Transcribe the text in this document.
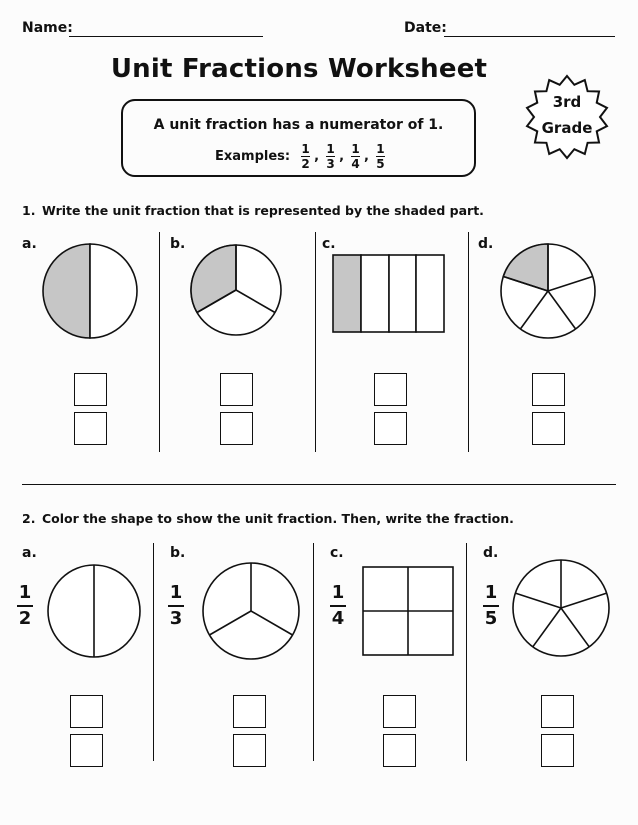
Name:	Date:
Unit Fractions Worksheet
A unit fraction has a numerator of 1.
Examples: $\frac{1}{2}$ , $\frac{1}{3}$ , $\frac{1}{4}$ , $\frac{1}{5}$
3rd
Grade
1. Write the unit fraction that is represented by the shaded part.
a.	b.	c.	d.
2. Color the shape to show the unit fraction. Then, write the fraction.
a.	b.	c.	d.
1
2
1
3
1
4
1
5
